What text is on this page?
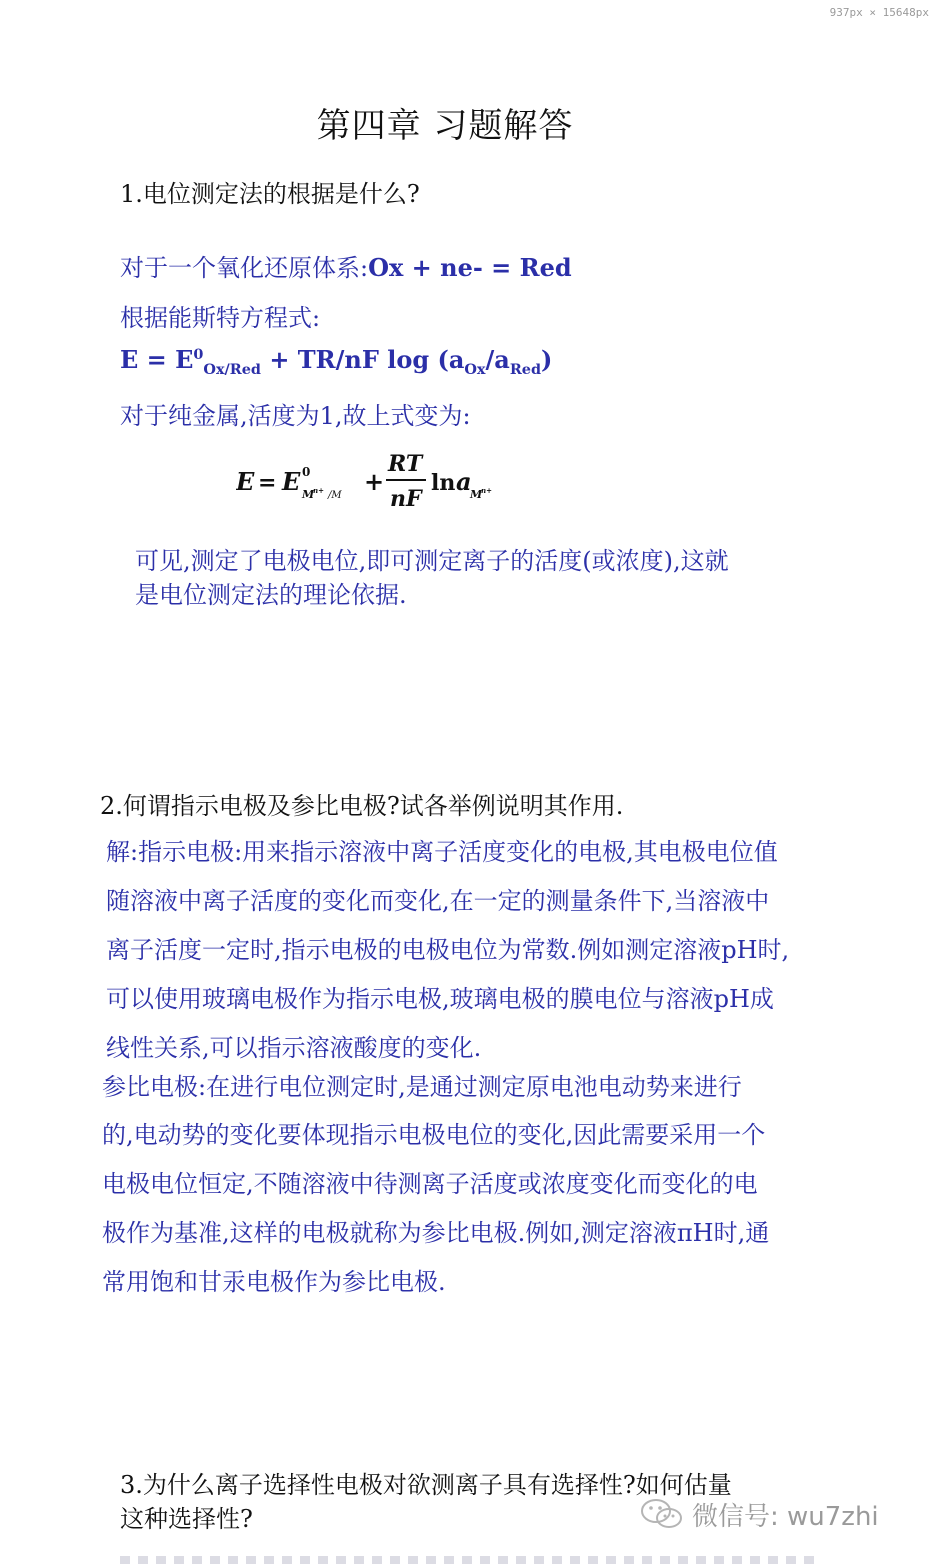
937px × 15648px
第四章 习题解答
1.电位测定法的根据是什么?
对于一个氧化还原体系:Ox + ne- = Red
根据能斯特方程式:
$E = E^0_{Ox/Red} + TR/nF$ $\log (a_{Ox}/a_{Red})$
对于纯金属,活度为1,故上式变为:
E = E 0
M
n+ /M +
RT
nF
ln a
M
n+
可见,测定了电极电位,即可测定离子的活度(或浓度),这就
是电位测定法的理论依据.
2.何谓指示电极及参比电极?试各举例说明其作用.
解:指示电极:用来指示溶液中离子活度变化的电极,其电极电位值
随溶液中离子活度的变化而变化,在一定的测量条件下,当溶液中
离子活度一定时,指示电极的电极电位为常数.例如测定溶液pH时,
可以使用玻璃电极作为指示电极,玻璃电极的膜电位与溶液pH成
线性关系,可以指示溶液酸度的变化.
参比电极:在进行电位测定时,是通过测定原电池电动势来进行
的,电动势的变化要体现指示电极电位的变化,因此需要采用一个
电极电位恒定,不随溶液中待测离子活度或浓度变化而变化的电
极作为基准,这样的电极就称为参比电极.例如,测定溶液πH时,通
常用饱和甘汞电极作为参比电极.
3.为什么离子选择性电极对欲测离子具有选择性?如何估量
这种选择性?	微信号: wu7zhi
